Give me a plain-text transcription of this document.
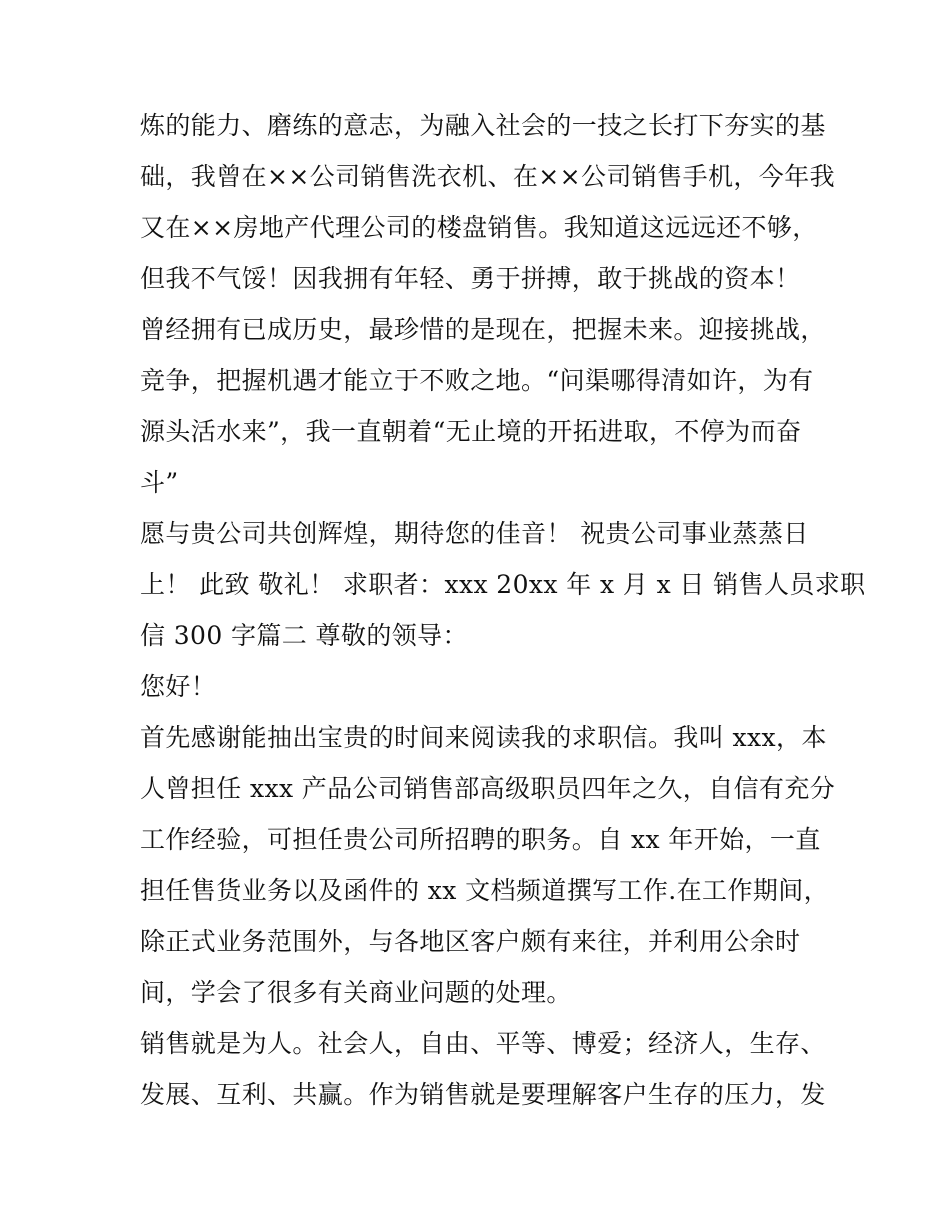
炼的能力、磨练的意志，为融入社会的一技之长打下夯实的基
础，我曾在××公司销售洗衣机、在××公司销售手机，今年我
又在××房地产代理公司的楼盘销售。我知道这远远还不够，
但我不气馁！因我拥有年轻、勇于拼搏，敢于挑战的资本！
曾经拥有已成历史，最珍惜的是现在，把握未来。迎接挑战，
竞争，把握机遇才能立于不败之地。“问渠哪得清如许，为有
源头活水来”，我一直朝着“无止境的开拓进取，不停为而奋
斗”
愿与贵公司共创辉煌，期待您的佳音！ 祝贵公司事业蒸蒸日
上！ 此致 敬礼！ 求职者：xxx 20xx 年 x 月 x 日 销售人员求职
信 300 字篇二 尊敬的领导：
您好！
首先感谢能抽出宝贵的时间来阅读我的求职信。我叫 xxx，本
人曾担任 xxx 产品公司销售部高级职员四年之久，自信有充分
工作经验，可担任贵公司所招聘的职务。自 xx 年开始，一直
担任售货业务以及函件的 xx 文档频道撰写工作.在工作期间，
除正式业务范围外，与各地区客户颇有来往，并利用公余时
间，学会了很多有关商业问题的处理。
销售就是为人。社会人，自由、平等、博爱；经济人，生存、
发展、互利、共赢。作为销售就是要理解客户生存的压力，发
